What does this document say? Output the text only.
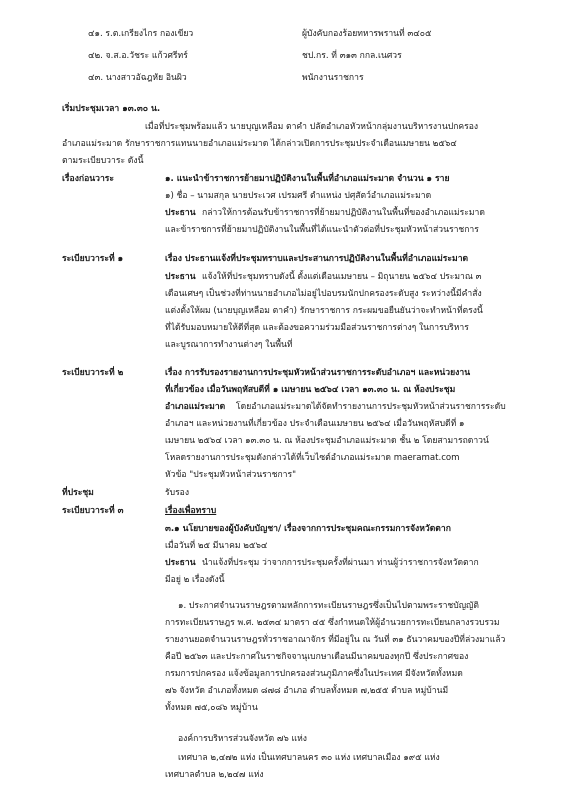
๔๑. ร.ต.เกรียงไกร กองเขียว	ผู้บังคับกองร้อยทหารพรานที่ ๓๔๐๕
๔๒. จ.ส.อ.วัชระ แก้วศรีทร์	ชป.กร. ที่ ๓๑๓ กกล.เนศวร
๔๓. นางสาวอัฉฎหัย อินผิว	พนักงานราชการ
เริ่มประชุมเวลา ๑๓.๓๐ น.
เมื่อที่ประชุมพร้อมแล้ว นายบุญเหลือม ตาคำ ปลัดอำเภอหัวหน้ากลุ่มงานบริหารงานปกครอง
อำเภอแม่ระมาด รักษาราชการแทนนายอำเภอแม่ระมาด ได้กล่าวเปิดการประชุมประจำเดือนเมษายน ๒๕๖๔
ตามระเบียบวาระ ดังนี้
เรื่องก่อนวาระ	๑. แนะนำข้าราชการย้ายมาปฏิบัติงานในพื้นที่อำเภอแม่ระมาด จำนวน ๑ ราย
๑) ชื่อ – นามสกุล นายประเวศ เปรมศรี ตำแหน่ง ปศุสัตว์อำเภอแม่ระมาด
ประธาน กล่าวให้การต้อนรับข้าราชการที่ย้ายมาปฏิบัติงานในพื้นที่ของอำเภอแม่ระมาด
และข้าราชการที่ย้ายมาปฏิบัติงานในพื้นที่ได้แนะนำตัวต่อที่ประชุมหัวหน้าส่วนราชการ
ระเบียบวาระที่ ๑	เรื่อง ประธานแจ้งที่ประชุมทราบและประสานการปฏิบัติงานในพื้นที่อำเภอแม่ระมาด
ประธาน แจ้งให้ที่ประชุมทราบดังนี้ ตั้งแต่เดือนเมษายน – มิถุนายน ๒๕๖๔ ประมาณ ๓
เดือนเศษๆ เป็นช่วงที่ท่านนายอำเภอไม่อยู่ไปอบรมนักปกครองระดับสูง ระหว่างนี้มีคำสั่ง
แต่งตั้งให้ผม (นายบุญเหลือม ตาคำ) รักษาราชการ กระผมขอยืนยันว่าจะทำหน้าที่ตรงนี้
ที่ได้รับมอบหมายให้ดีที่สุด และต้องขอความร่วมมือส่วนราชการต่างๆ ในการบริหาร
และบูรณาการทำงานต่างๆ ในพื้นที่
ระเบียบวาระที่ ๒	เรื่อง การรับรองรายงานการประชุมหัวหน้าส่วนราชการระดับอำเภอฯ และหน่วยงาน
ที่เกี่ยวข้อง เมื่อวันพฤหัสบดีที่ ๑ เมษายน ๒๕๖๔ เวลา ๑๓.๓๐ น. ณ ห้องประชุม
อำเภอแม่ระมาด โดยอำเภอแม่ระมาดได้จัดทำรายงานการประชุมหัวหน้าส่วนราชการระดับ
อำเภอฯ และหน่วยงานที่เกี่ยวข้อง ประจำเดือนเมษายน ๒๕๖๔ เมื่อวันพฤหัสบดีที่ ๑
เมษายน ๒๕๖๔ เวลา ๑๓.๓๐ น. ณ ห้องประชุมอำเภอแม่ระมาด ชั้น ๒ โดยสามารถดาวน์
โหลดรายงานการประชุมดังกล่าวได้ที่เว็บไซต์อำเภอแม่ระมาด maeramat.com
หัวข้อ "ประชุมหัวหน้าส่วนราชการ"
ที่ประชุม	รับรอง
ระเบียบวาระที่ ๓	เรื่องเพื่อทราบ
๓.๑ นโยบายของผู้บังคับบัญชา/ เรื่องจากการประชุมคณะกรรมการจังหวัดตาก
เมื่อวันที่ ๒๕ มีนาคม ๒๕๖๔
ประธาน นำแจ้งที่ประชุม ว่าจากการประชุมครั้งที่ผ่านมา ท่านผู้ว่าราชการจังหวัดตาก
มีอยู่ ๒ เรื่องดังนี้
๑. ประกาศจำนวนราษฎรตามหลักการทะเบียนราษฎรซึ่งเป็นไปตามพระราชบัญญัติ
การทะเบียนราษฎร พ.ศ. ๒๕๓๔ มาตรา ๔๕ ซึ่งกำหนดให้ผู้อำนวยการทะเบียนกลางรวบรวม
รายงานยอดจำนวนราษฎรทั่วราชอาณาจักร ที่มีอยู่ใน ณ วันที่ ๓๑ ธันวาคมของปีที่ล่วงมาแล้ว
คือปี ๒๕๖๓ และประกาศในราชกิจจานุเบกษาเดือนมีนาคมของทุกปี ซึ่งประกาศของ
กรมการปกครอง แจ้งข้อมูลการปกครองส่วนภูมิภาคซึ่งในประเทศ มีจังหวัดทั้งหมด
๗๖ จังหวัด อำเภอทั้งหมด ๘๗๘ อำเภอ ตำบลทั้งหมด ๗,๒๕๕ ตำบล หมู่บ้านมี
ทั้งหมด ๗๕,๐๘๖ หมู่บ้าน
องค์การบริหารส่วนจังหวัด ๗๖ แห่ง
เทศบาล ๒,๔๗๒ แห่ง เป็นเทศบาลนคร ๓๐ แห่ง เทศบาลเมือง ๑๙๕ แห่ง
เทศบาลตำบล ๒,๒๔๗ แห่ง
